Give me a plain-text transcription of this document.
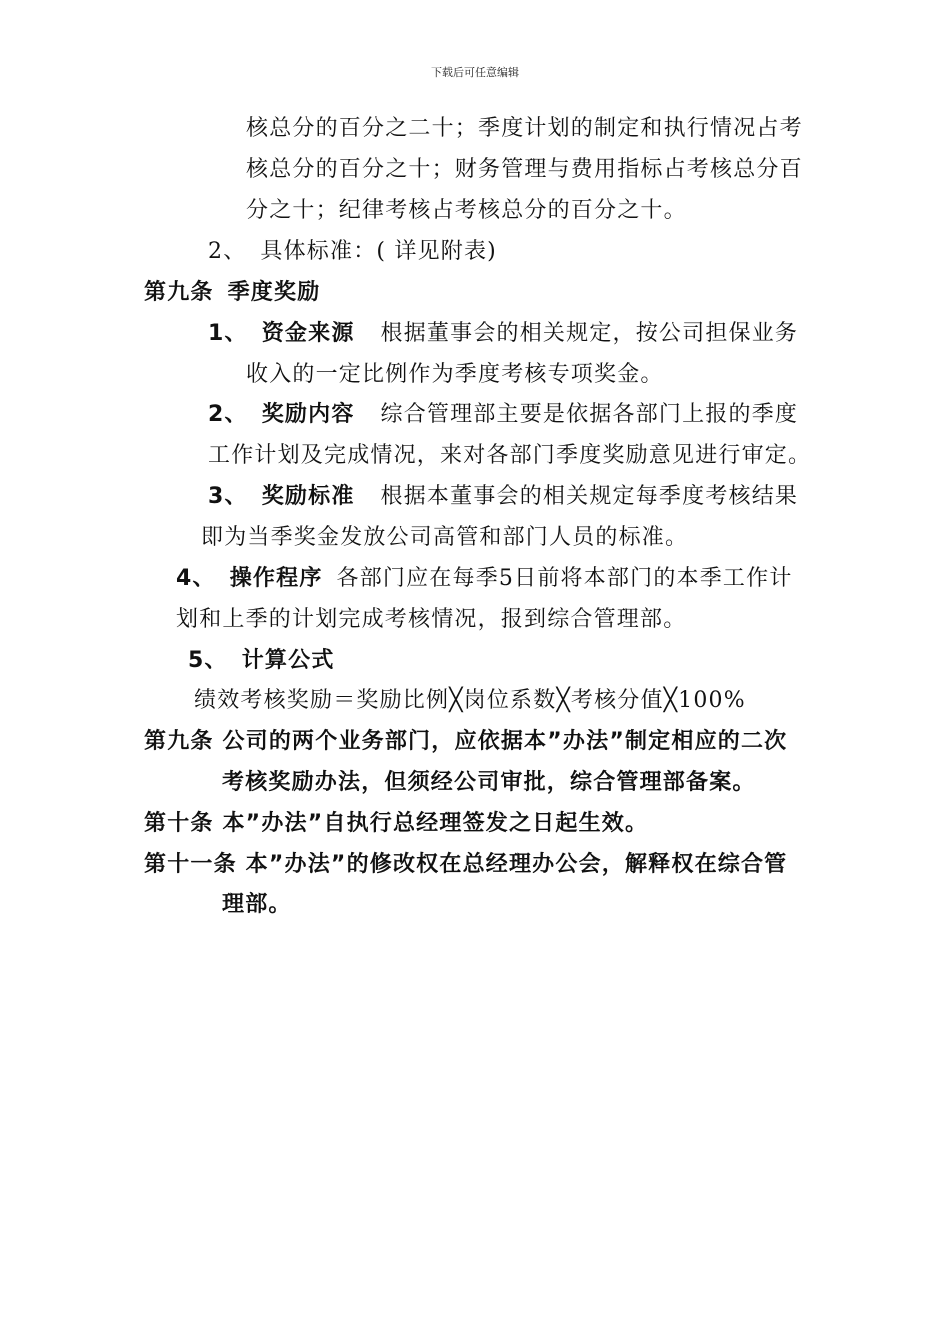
下载后可任意编辑
核总分的百分之二十；季度计划的制定和执行情况占考
核总分的百分之十；财务管理与费用指标占考核总分百
分之十；纪律考核占考核总分的百分之十。
2、 具体标准：( 详见附表)
第九条 季度奖励
1、 资金来源 根据董事会的相关规定，按公司担保业务
收入的一定比例作为季度考核专项奖金。
2、 奖励内容 综合管理部主要是依据各部门上报的季度
工作计划及完成情况，来对各部门季度奖励意见进行审定。
3、 奖励标准 根据本董事会的相关规定每季度考核结果
即为当季奖金发放公司高管和部门人员的标准。
4、 操作程序 各部门应在每季5日前将本部门的本季工作计
划和上季的计划完成考核情况，报到综合管理部。
5、 计算公式
绩效考核奖励＝奖励比例╳岗位系数╳考核分值╳100%
第九条 公司的两个业务部门，应依据本”办法”制定相应的二次
考核奖励办法，但须经公司审批，综合管理部备案。
第十条 本”办法”自执行总经理签发之日起生效。
第十一条 本”办法”的修改权在总经理办公会，解释权在综合管
理部。
